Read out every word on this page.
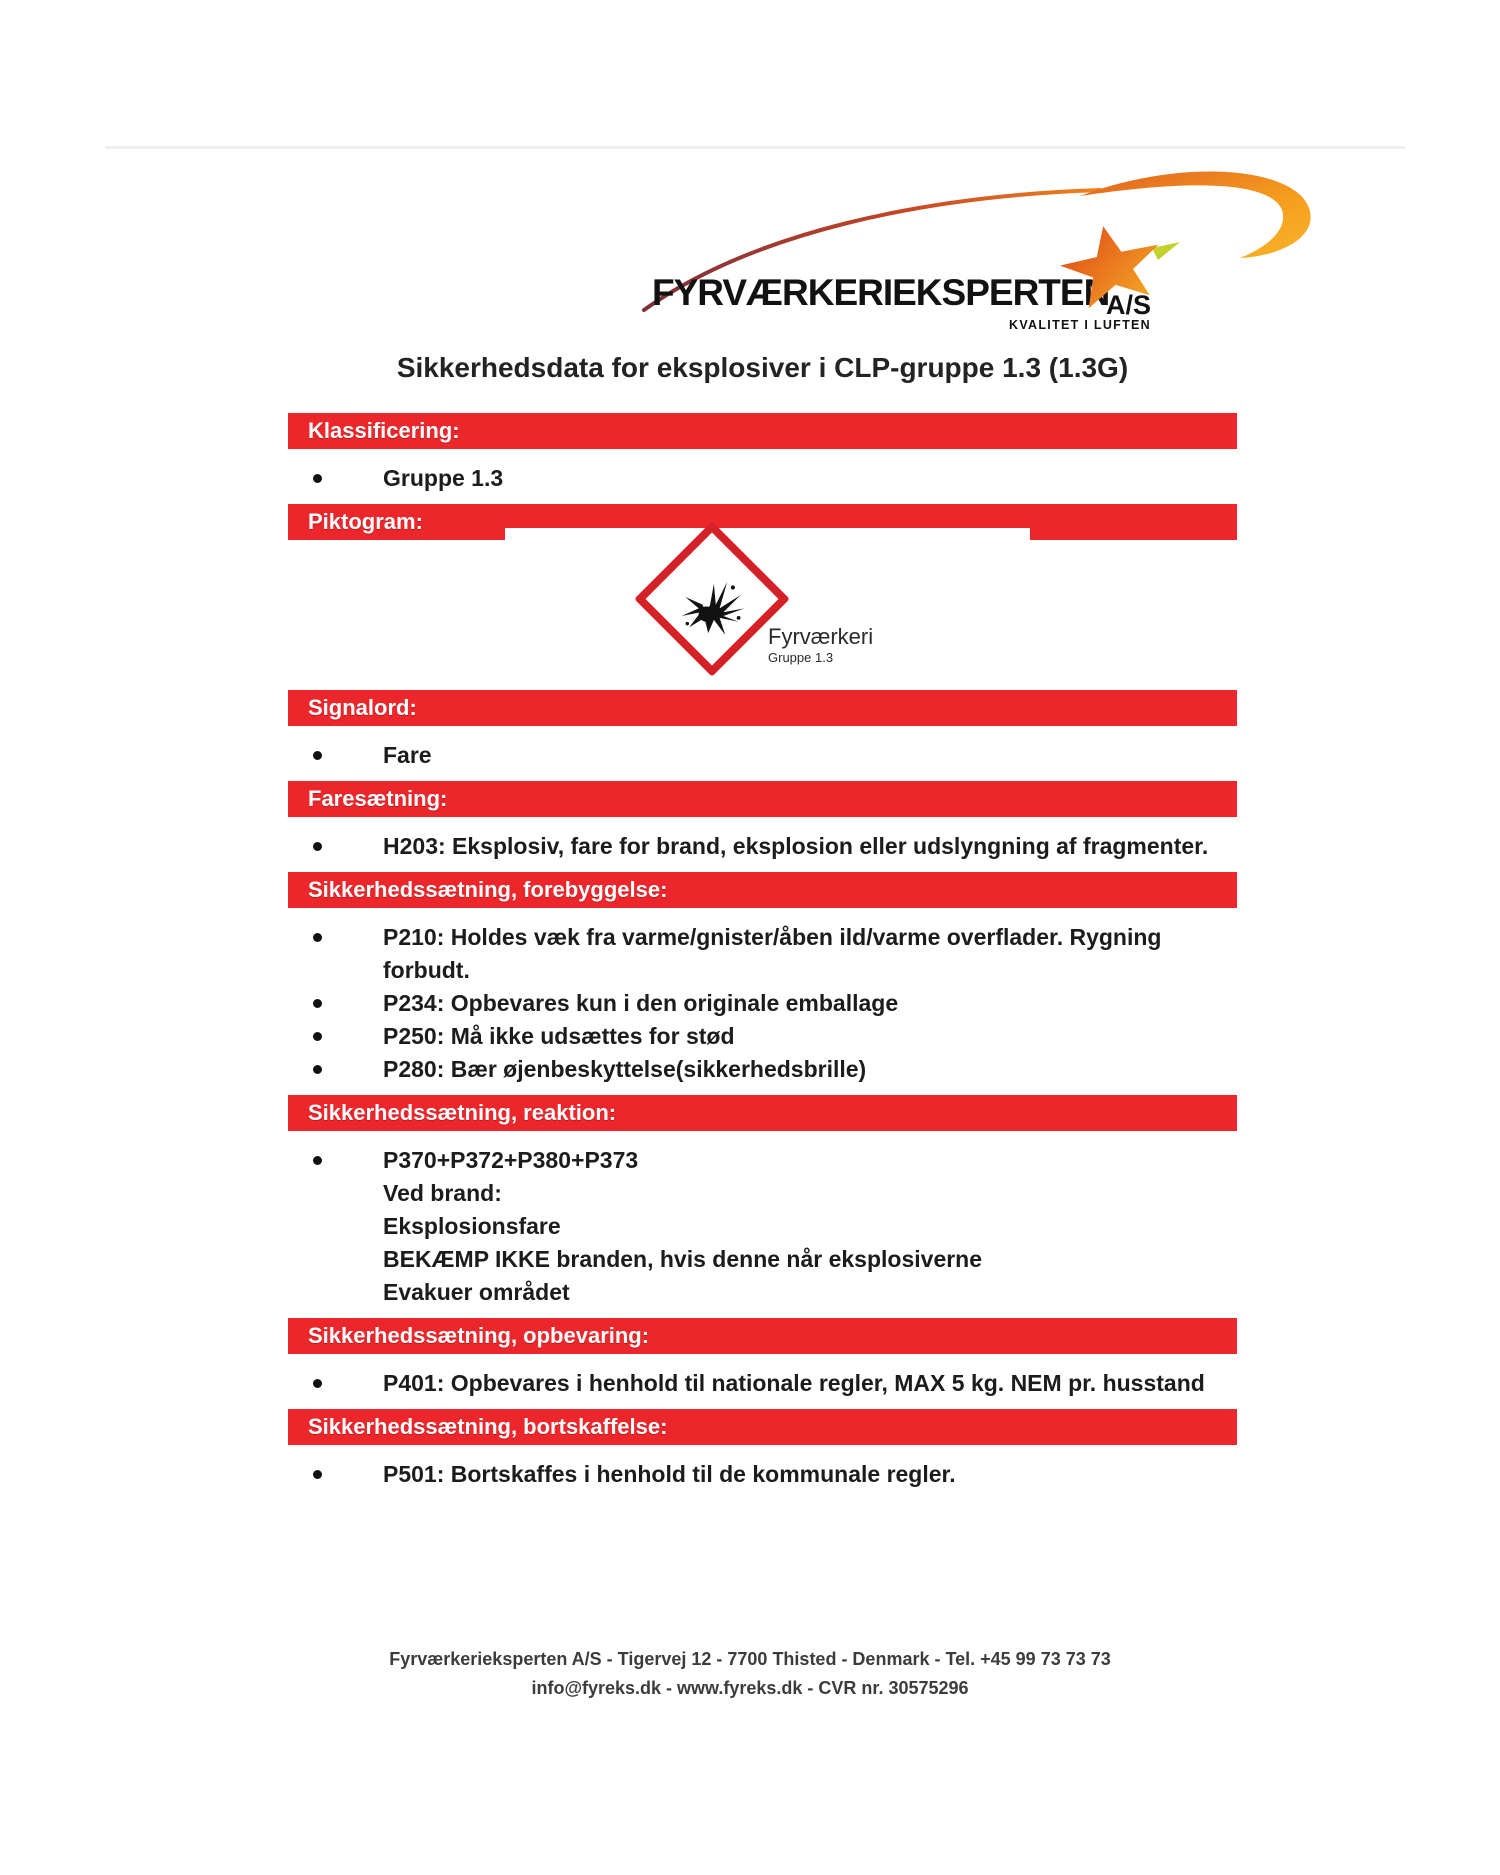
FYRVÆRKERIEKSPERTEN
A/S
KVALITET I LUFTEN
Sikkerhedsdata for eksplosiver i CLP-gruppe 1.3 (1.3G)
Klassificering:
Gruppe 1.3
Piktogram:
Fyrværkeri
Gruppe 1.3
Signalord:
Fare
Faresætning:
H203: Eksplosiv, fare for brand, eksplosion eller udslyngning af fragmenter.
Sikkerhedssætning, forebyggelse:
P210: Holdes væk fra varme/gnister/åben ild/varme overflader. Rygning forbudt.
P234: Opbevares kun i den originale emballage
P250: Må ikke udsættes for stød
P280: Bær øjenbeskyttelse(sikkerhedsbrille)
Sikkerhedssætning, reaktion:
P370+P372+P380+P373
Ved brand:
Eksplosionsfare
BEKÆMP IKKE branden, hvis denne når eksplosiverne
Evakuer området
Sikkerhedssætning, opbevaring:
P401: Opbevares i henhold til nationale regler, MAX 5 kg. NEM pr. husstand
Sikkerhedssætning, bortskaffelse:
P501: Bortskaffes i henhold til de kommunale regler.
Fyrværkerieksperten A/S - Tigervej 12 - 7700 Thisted - Denmark - Tel. +45 99 73 73 73
info@fyreks.dk - www.fyreks.dk - CVR nr. 30575296
